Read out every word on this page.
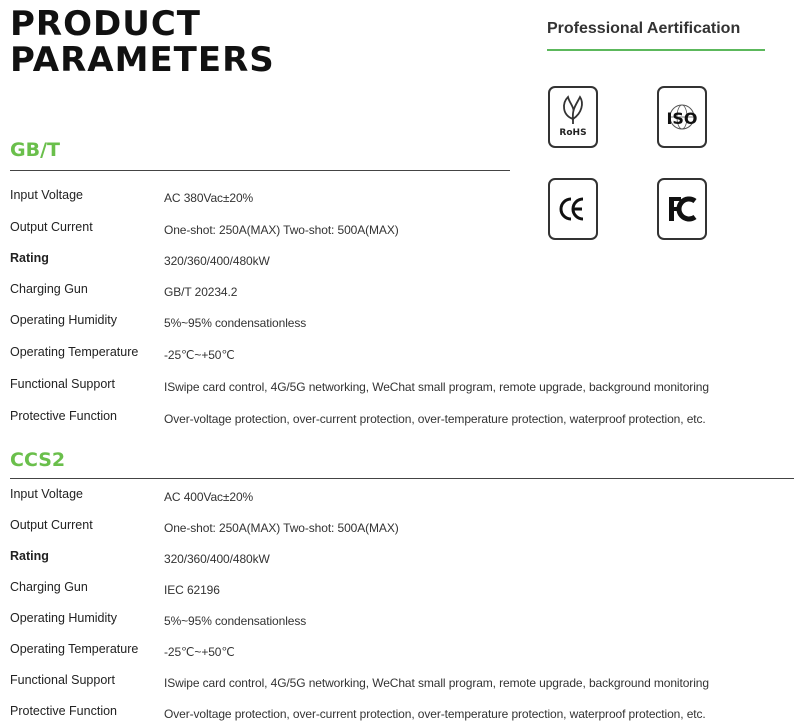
PRODUCT
PARAMETERS
Professional Aertification
RoHS
ISO
CE	FC
GB/T
Input Voltage	AC 380Vac±20%
Output Current	One-shot: 250A(MAX) Two-shot: 500A(MAX)
Rating	320/360/400/480kW
Charging Gun	GB/T 20234.2
Operating Humidity	5%~95% condensationless
Operating Temperature -25℃~+50℃
Functional Support	ISwipe card control, 4G/5G networking, WeChat small program, remote upgrade, background monitoring
Protective Function	Over-voltage protection, over-current protection, over-temperature protection, waterproof protection, etc.
CCS2
Input Voltage	AC 400Vac±20%
Output Current	One-shot: 250A(MAX) Two-shot: 500A(MAX)
Rating	320/360/400/480kW
Charging Gun	IEC 62196
Operating Humidity	5%~95% condensationless
Operating Temperature -25℃~+50℃
Functional Support	ISwipe card control, 4G/5G networking, WeChat small program, remote upgrade, background monitoring
Protective Function	Over-voltage protection, over-current protection, over-temperature protection, waterproof protection, etc.
